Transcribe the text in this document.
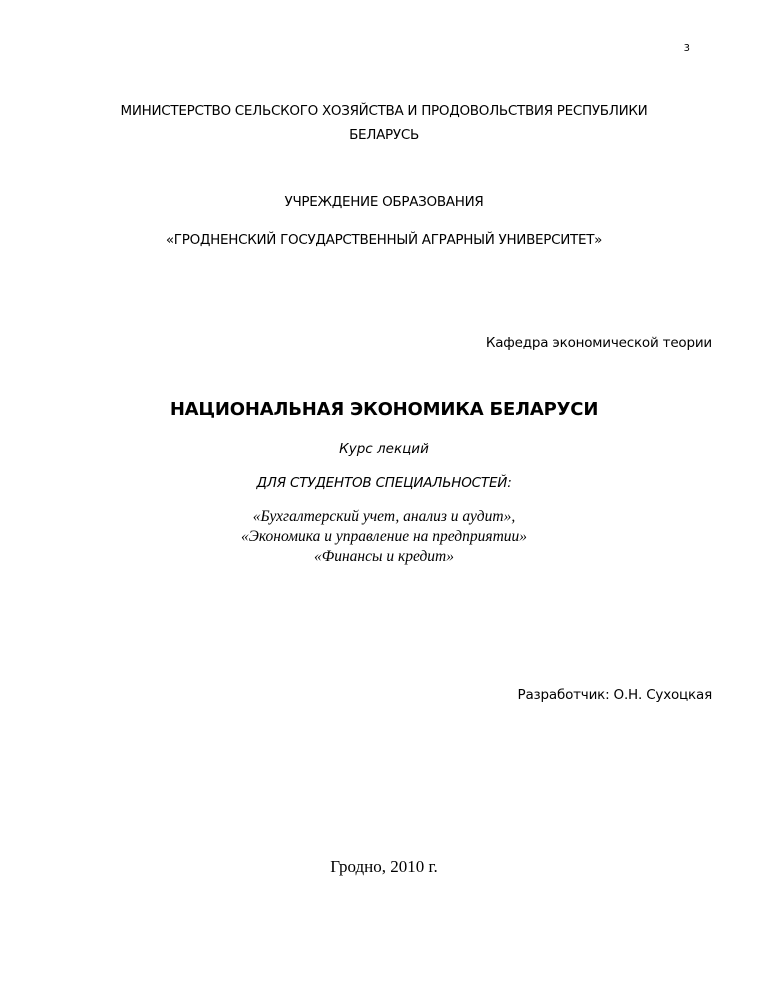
3
МИНИСТЕРСТВО СЕЛЬСКОГО ХОЗЯЙСТВА И ПРОДОВОЛЬСТВИЯ РЕСПУБЛИКИ
БЕЛАРУСЬ
УЧРЕЖДЕНИЕ ОБРАЗОВАНИЯ
«ГРОДНЕНСКИЙ ГОСУДАРСТВЕННЫЙ АГРАРНЫЙ УНИВЕРСИТЕТ»
Кафедра экономической теории
НАЦИОНАЛЬНАЯ ЭКОНОМИКА БЕЛАРУСИ
Курс лекций
ДЛЯ СТУДЕНТОВ СПЕЦИАЛЬНОСТЕЙ:
«Бухгалтерский учет, анализ и аудит»,
«Экономика и управление на предприятии»
«Финансы и кредит»
Разработчик: О.Н. Сухоцкая
Гродно, 2010 г.
